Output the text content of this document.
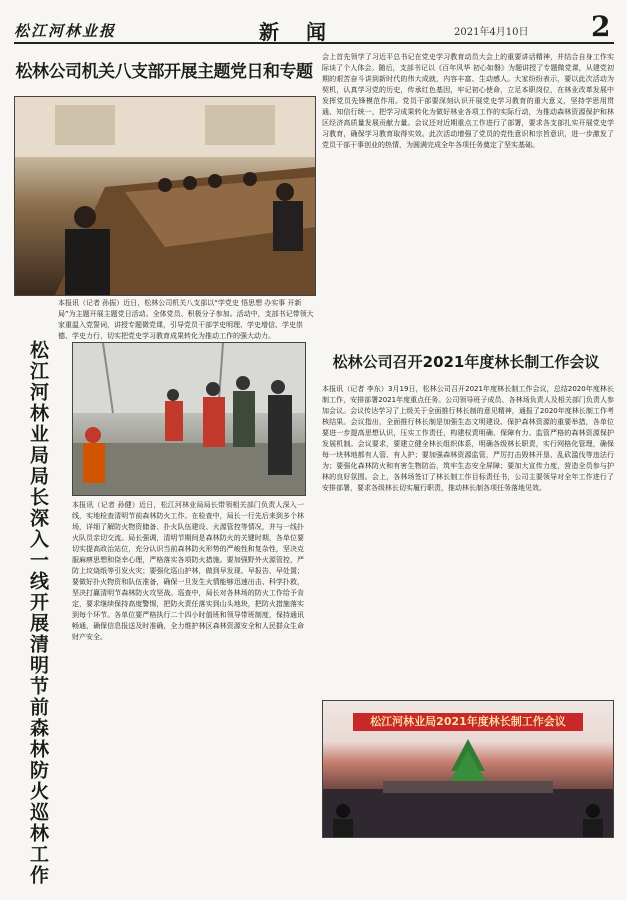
松江河林业报	新 闻	2021年4月10日 2
松林公司机关八支部开展主题党日和专题
本报讯（记者 孙振）近日，松林公司机关八支部以“学党史 悟思想 办实事 开新局”为主题开展主题党日活动。全体党员、积极分子参加。活动中，支部书记带领大家重温入党誓词，讲授专题微党课，引导党员干部学史明理、学史增信、学史崇德、学史力行，切实把党史学习教育成果转化为推动工作的强大动力。
会上首先领学了习近平总书记在党史学习教育动员大会上的重要讲话精神，并结合自身工作实际谈了个人体会。随后，支部书记以《百年风华 初心如磐》为题讲授了专题微党课，从建党初期的艰苦奋斗讲到新时代的伟大成就，内容丰富、生动感人。大家纷纷表示，要以此次活动为契机，认真学习党的历史，传承红色基因，牢记初心使命，立足本职岗位，在林业改革发展中发挥党员先锋模范作用。党员干部要深刻认识开展党史学习教育的重大意义，坚持学思用贯通、知信行统一，把学习成果转化为做好林业各项工作的实际行动，为推动森林资源保护和林区经济高质量发展贡献力量。会议还对近期重点工作进行了部署，要求各支部扎实开展党史学习教育，确保学习教育取得实效。此次活动增强了党员的党性意识和宗旨意识，进一步激发了党员干部干事创业的热情，为圆满完成全年各项任务奠定了坚实基础。
松江河林业局局长深入一线开展清明节前森林防火巡林工作	本报讯（记者 孙健）近日，松江河林业局局长带领相关部门负责人深入一线，实地检查清明节前森林防火工作。在检查中，局长一行先后来到多个林场，详细了解防火物资储备、扑火队伍建设、火源管控等情况，并与一线扑火队员亲切交流。局长强调，清明节期间是森林防火的关键时期，各单位要切实提高政治站位，充分认识当前森林防火形势的严峻性和复杂性，坚决克服麻痹思想和侥幸心理，严格落实各项防火措施。要加强野外火源管控，严防上坟烧纸等引发火灾；要强化巡山护林，做到早发现、早报告、早处置；要做好扑火物资和队伍准备，确保一旦发生火情能够迅速出击、科学扑救，坚决打赢清明节森林防火攻坚战。巡查中，局长对各林场的防火工作给予肯定，要求继续保持高度警惕，把防火责任落实到山头地块，把防火措施落实到每个环节。各单位要严格执行二十四小时值班和领导带班制度，保持通讯畅通，确保信息报送及时准确，全力维护林区森林资源安全和人民群众生命财产安全。
松林公司召开2021年度林长制工作会议
本报讯（记者 李东）3月19日，松林公司召开2021年度林长制工作会议，总结2020年度林长制工作，安排部署2021年度重点任务。公司领导班子成员、各林场负责人及相关部门负责人参加会议。会议传达学习了上级关于全面推行林长制的意见精神，通报了2020年度林长制工作考核结果。会议指出，全面推行林长制是加强生态文明建设、保护森林资源的重要举措，各单位要进一步提高思想认识，压实工作责任，构建权责明确、保障有力、监管严格的森林资源保护发展机制。会议要求，要建立健全林长组织体系，明确各级林长职责，实行网格化管理，确保每一块林地都有人管、有人护；要加强森林资源监管，严厉打击毁林开垦、乱砍滥伐等违法行为；要强化森林防火和有害生物防治，筑牢生态安全屏障；要加大宣传力度，营造全员参与护林的良好氛围。会上，各林场签订了林长制工作目标责任书，公司主要领导对全年工作进行了安排部署，要求各级林长切实履行职责，推动林长制各项任务落地见效。
松江河林业局2021年度林长制工作会议
